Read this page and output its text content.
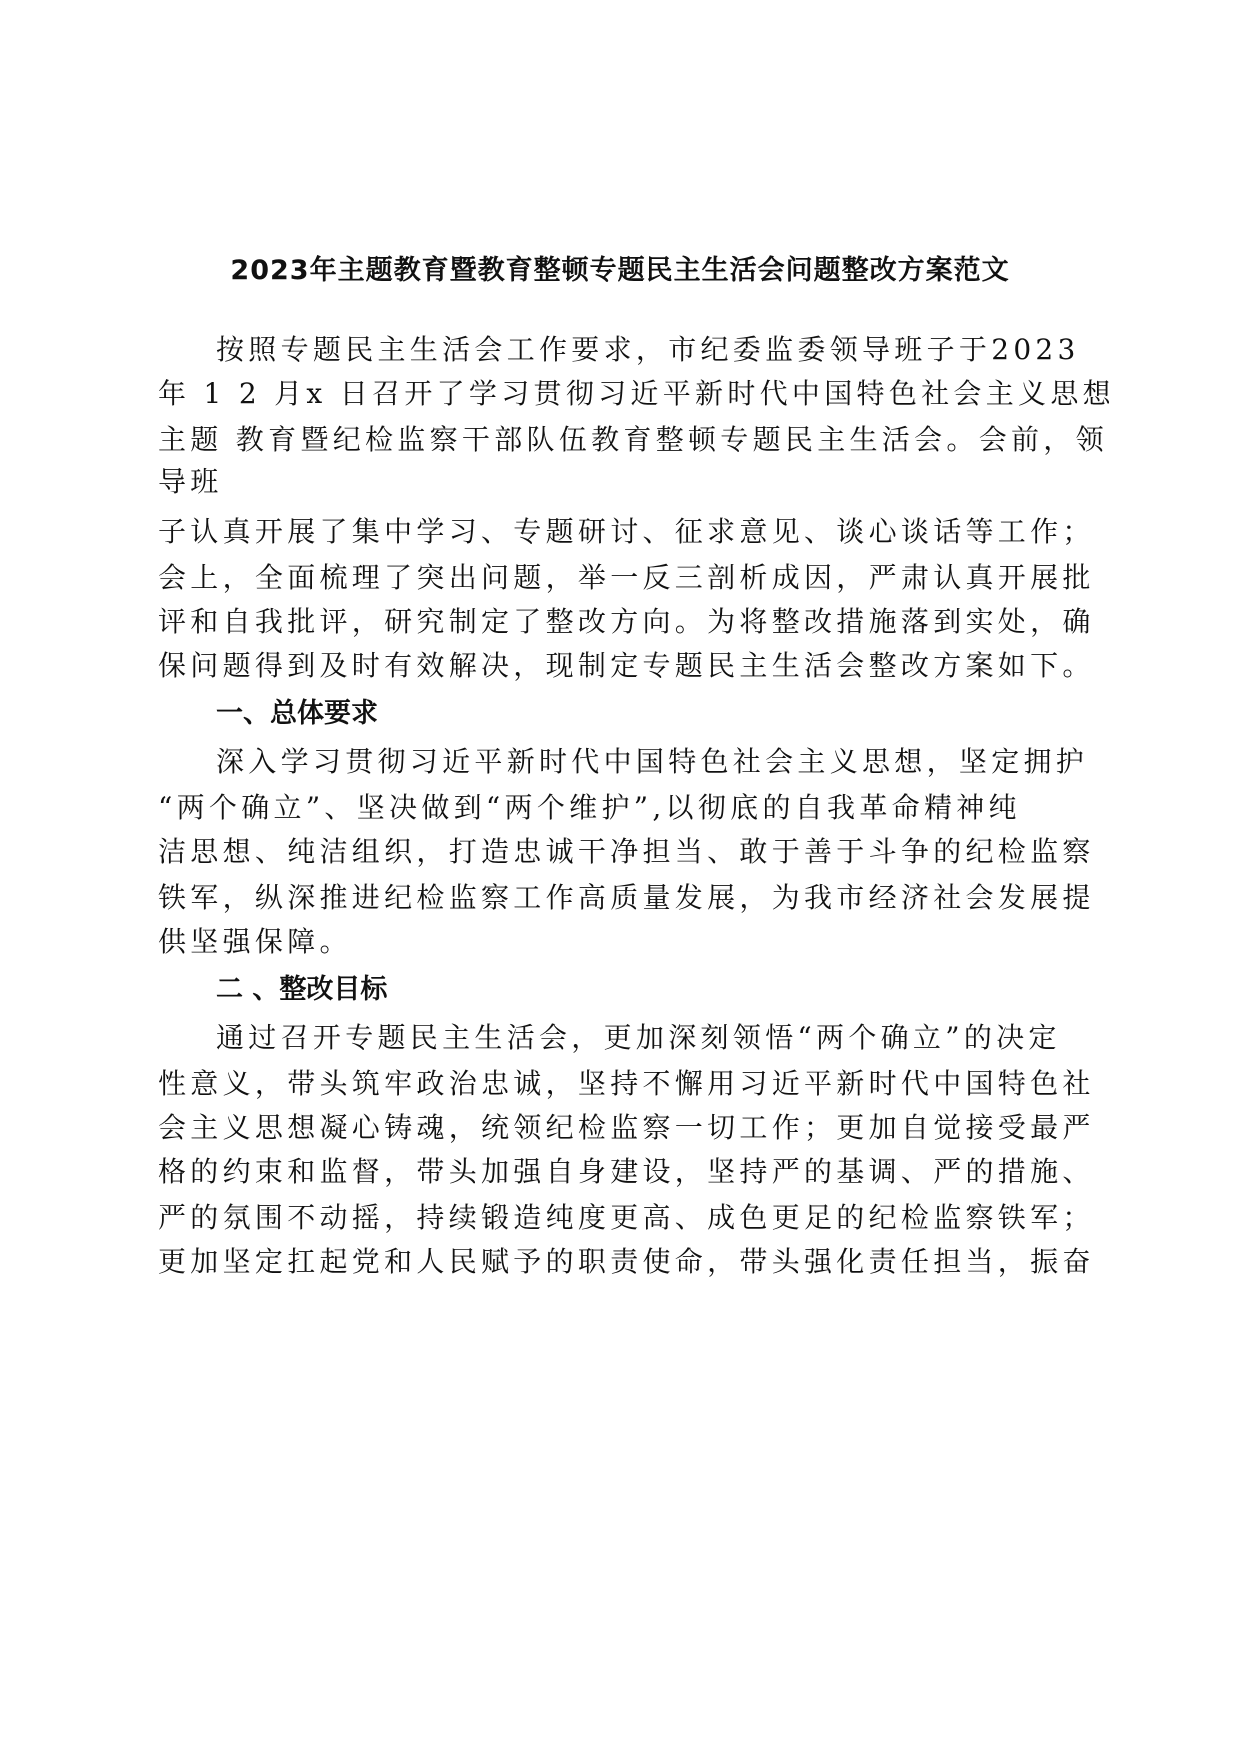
2023年主题教育暨教育整顿专题民主生活会问题整改方案范文
按照专题民主生活会工作要求，市纪委监委领导班子于2023
年 1 2 月x 日召开了学习贯彻习近平新时代中国特色社会主义思想
主题 教育暨纪检监察干部队伍教育整顿专题民主生活会。会前，领
导班
子认真开展了集中学习、专题研讨、征求意见、谈心谈话等工作；
会上，全面梳理了突出问题，举一反三剖析成因，严肃认真开展批
评和自我批评，研究制定了整改方向。为将整改措施落到实处，确
保问题得到及时有效解决，现制定专题民主生活会整改方案如下。
一、总体要求
深入学习贯彻习近平新时代中国特色社会主义思想，坚定拥护
“两个确立”、坚决做到“两个维护”,以彻底的自我革命精神纯
洁思想、纯洁组织，打造忠诚干净担当、敢于善于斗争的纪检监察
铁军，纵深推进纪检监察工作高质量发展，为我市经济社会发展提
供坚强保障。
二 、整改目标
通过召开专题民主生活会，更加深刻领悟“两个确立”的决定
性意义，带头筑牢政治忠诚，坚持不懈用习近平新时代中国特色社
会主义思想凝心铸魂，统领纪检监察一切工作；更加自觉接受最严
格的约束和监督，带头加强自身建设，坚持严的基调、严的措施、
严的氛围不动摇，持续锻造纯度更高、成色更足的纪检监察铁军；
更加坚定扛起党和人民赋予的职责使命，带头强化责任担当，振奋
